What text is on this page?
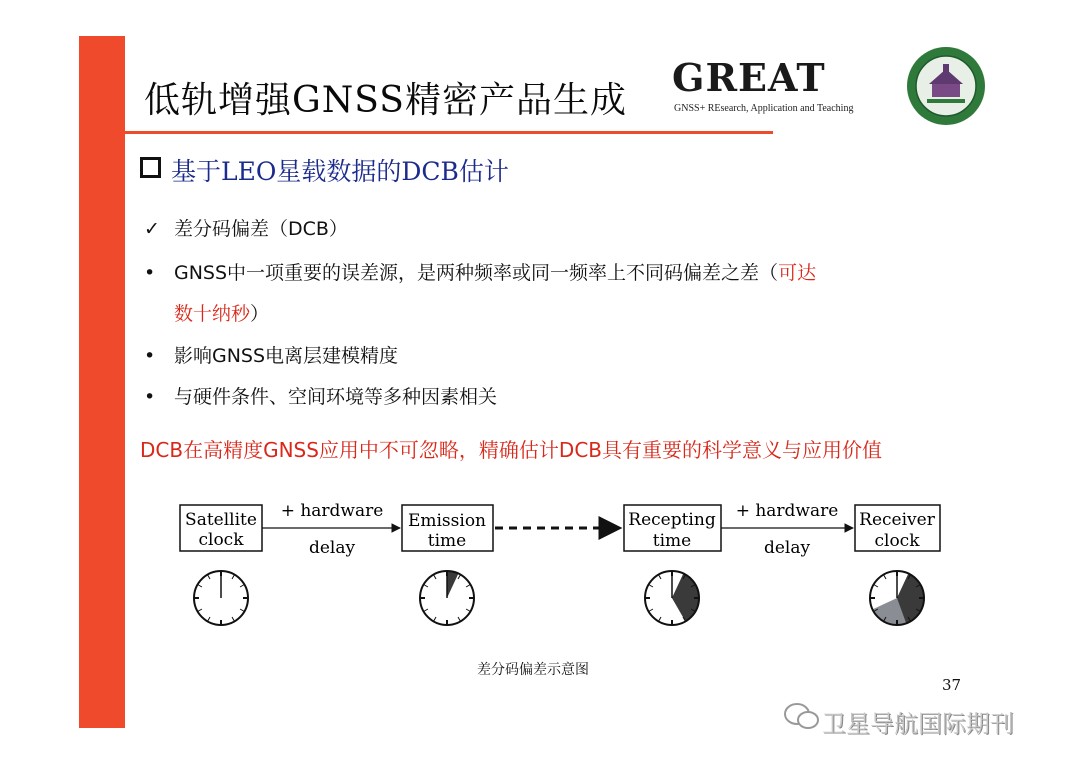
低轨增强GNSS精密产品生成
GREAT
GNSS+ REsearch, Application and Teaching
基于LEO星载数据的DCB估计
✓ 差分码偏差（DCB）
• GNSS中一项重要的误差源，是两种频率或同一频率上不同码偏差之差（可达
数十纳秒）
• 影响GNSS电离层建模精度
• 与硬件条件、空间环境等多种因素相关
DCB在高精度GNSS应用中不可忽略，精确估计DCB具有重要的科学意义与应用价值
Satellite
clock
Emission
time
Recepting
time
Receiver
clock
+ hardware
delay
+ hardware
delay
差分码偏差示意图
37
卫星导航国际期刊
